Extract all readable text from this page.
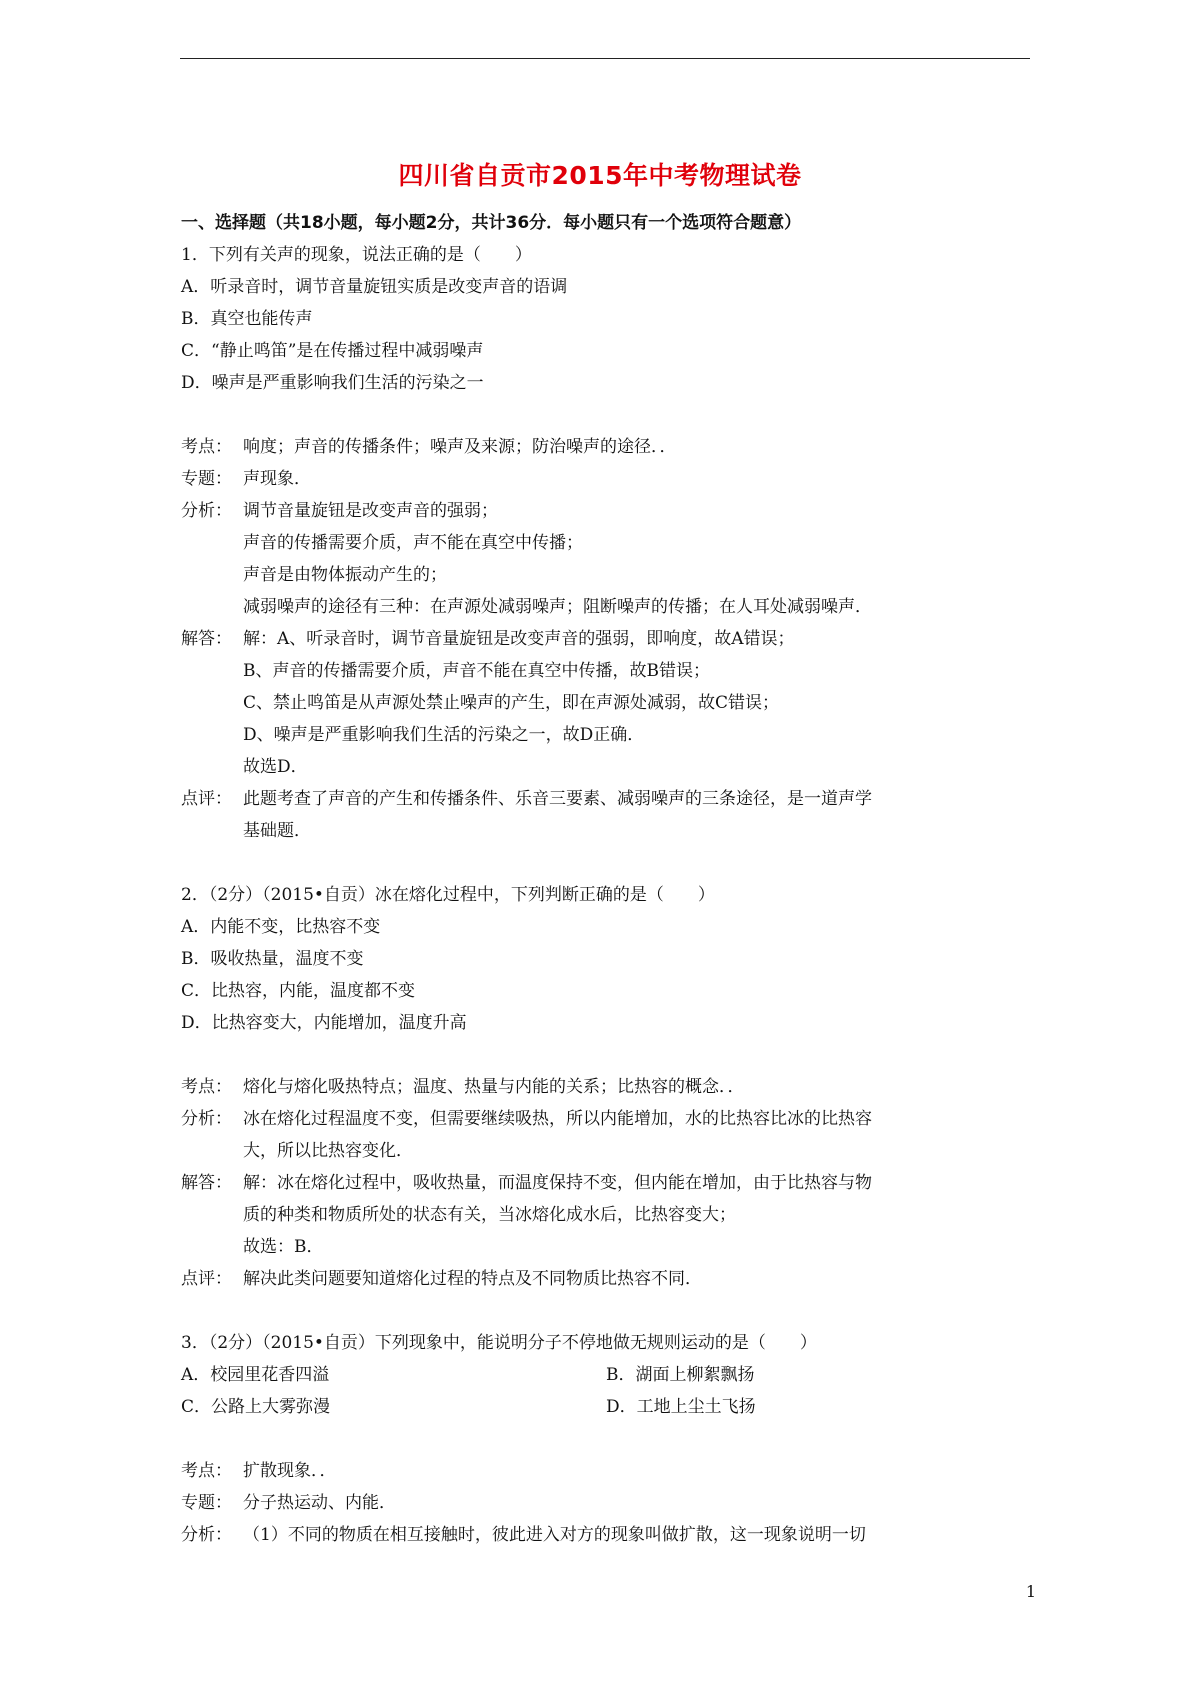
四川省自贡市2015年中考物理试卷
一、选择题（共18小题，每小题2分，共计36分．每小题只有一个选项符合题意）
1．下列有关声的现象，说法正确的是（　　）
A．听录音时，调节音量旋钮实质是改变声音的语调
B．真空也能传声
C．“静止鸣笛”是在传播过程中减弱噪声
D．噪声是严重影响我们生活的污染之一
考点： 响度；声音的传播条件；噪声及来源；防治噪声的途径．．
专题： 声现象．
分析： 调节音量旋钮是改变声音的强弱；
声音的传播需要介质，声不能在真空中传播；
声音是由物体振动产生的；
减弱噪声的途径有三种：在声源处减弱噪声；阻断噪声的传播；在人耳处减弱噪声．
解答： 解：A、听录音时，调节音量旋钮是改变声音的强弱，即响度，故A错误；
B、声音的传播需要介质，声音不能在真空中传播，故B错误；
C、禁止鸣笛是从声源处禁止噪声的产生，即在声源处减弱，故C错误；
D、噪声是严重影响我们生活的污染之一，故D正确．
故选D．
点评： 此题考查了声音的产生和传播条件、乐音三要素、减弱噪声的三条途径，是一道声学
基础题．
2．（2分）（2015•自贡）冰在熔化过程中，下列判断正确的是（　　）
A．内能不变，比热容不变
B．吸收热量，温度不变
C．比热容，内能，温度都不变
D．比热容变大，内能增加，温度升高
考点： 熔化与熔化吸热特点；温度、热量与内能的关系；比热容的概念．．
分析： 冰在熔化过程温度不变，但需要继续吸热，所以内能增加，水的比热容比冰的比热容
大，所以比热容变化．
解答： 解：冰在熔化过程中，吸收热量，而温度保持不变，但内能在增加，由于比热容与物
质的种类和物质所处的状态有关，当冰熔化成水后，比热容变大；
故选：B．
点评： 解决此类问题要知道熔化过程的特点及不同物质比热容不同．
3．（2分）（2015•自贡）下列现象中，能说明分子不停地做无规则运动的是（　　）
A．校园里花香四溢	B．湖面上柳絮飘扬
C．公路上大雾弥漫	D．工地上尘土飞扬
考点： 扩散现象．．
专题： 分子热运动、内能．
分析： （1）不同的物质在相互接触时，彼此进入对方的现象叫做扩散，这一现象说明一切
1
